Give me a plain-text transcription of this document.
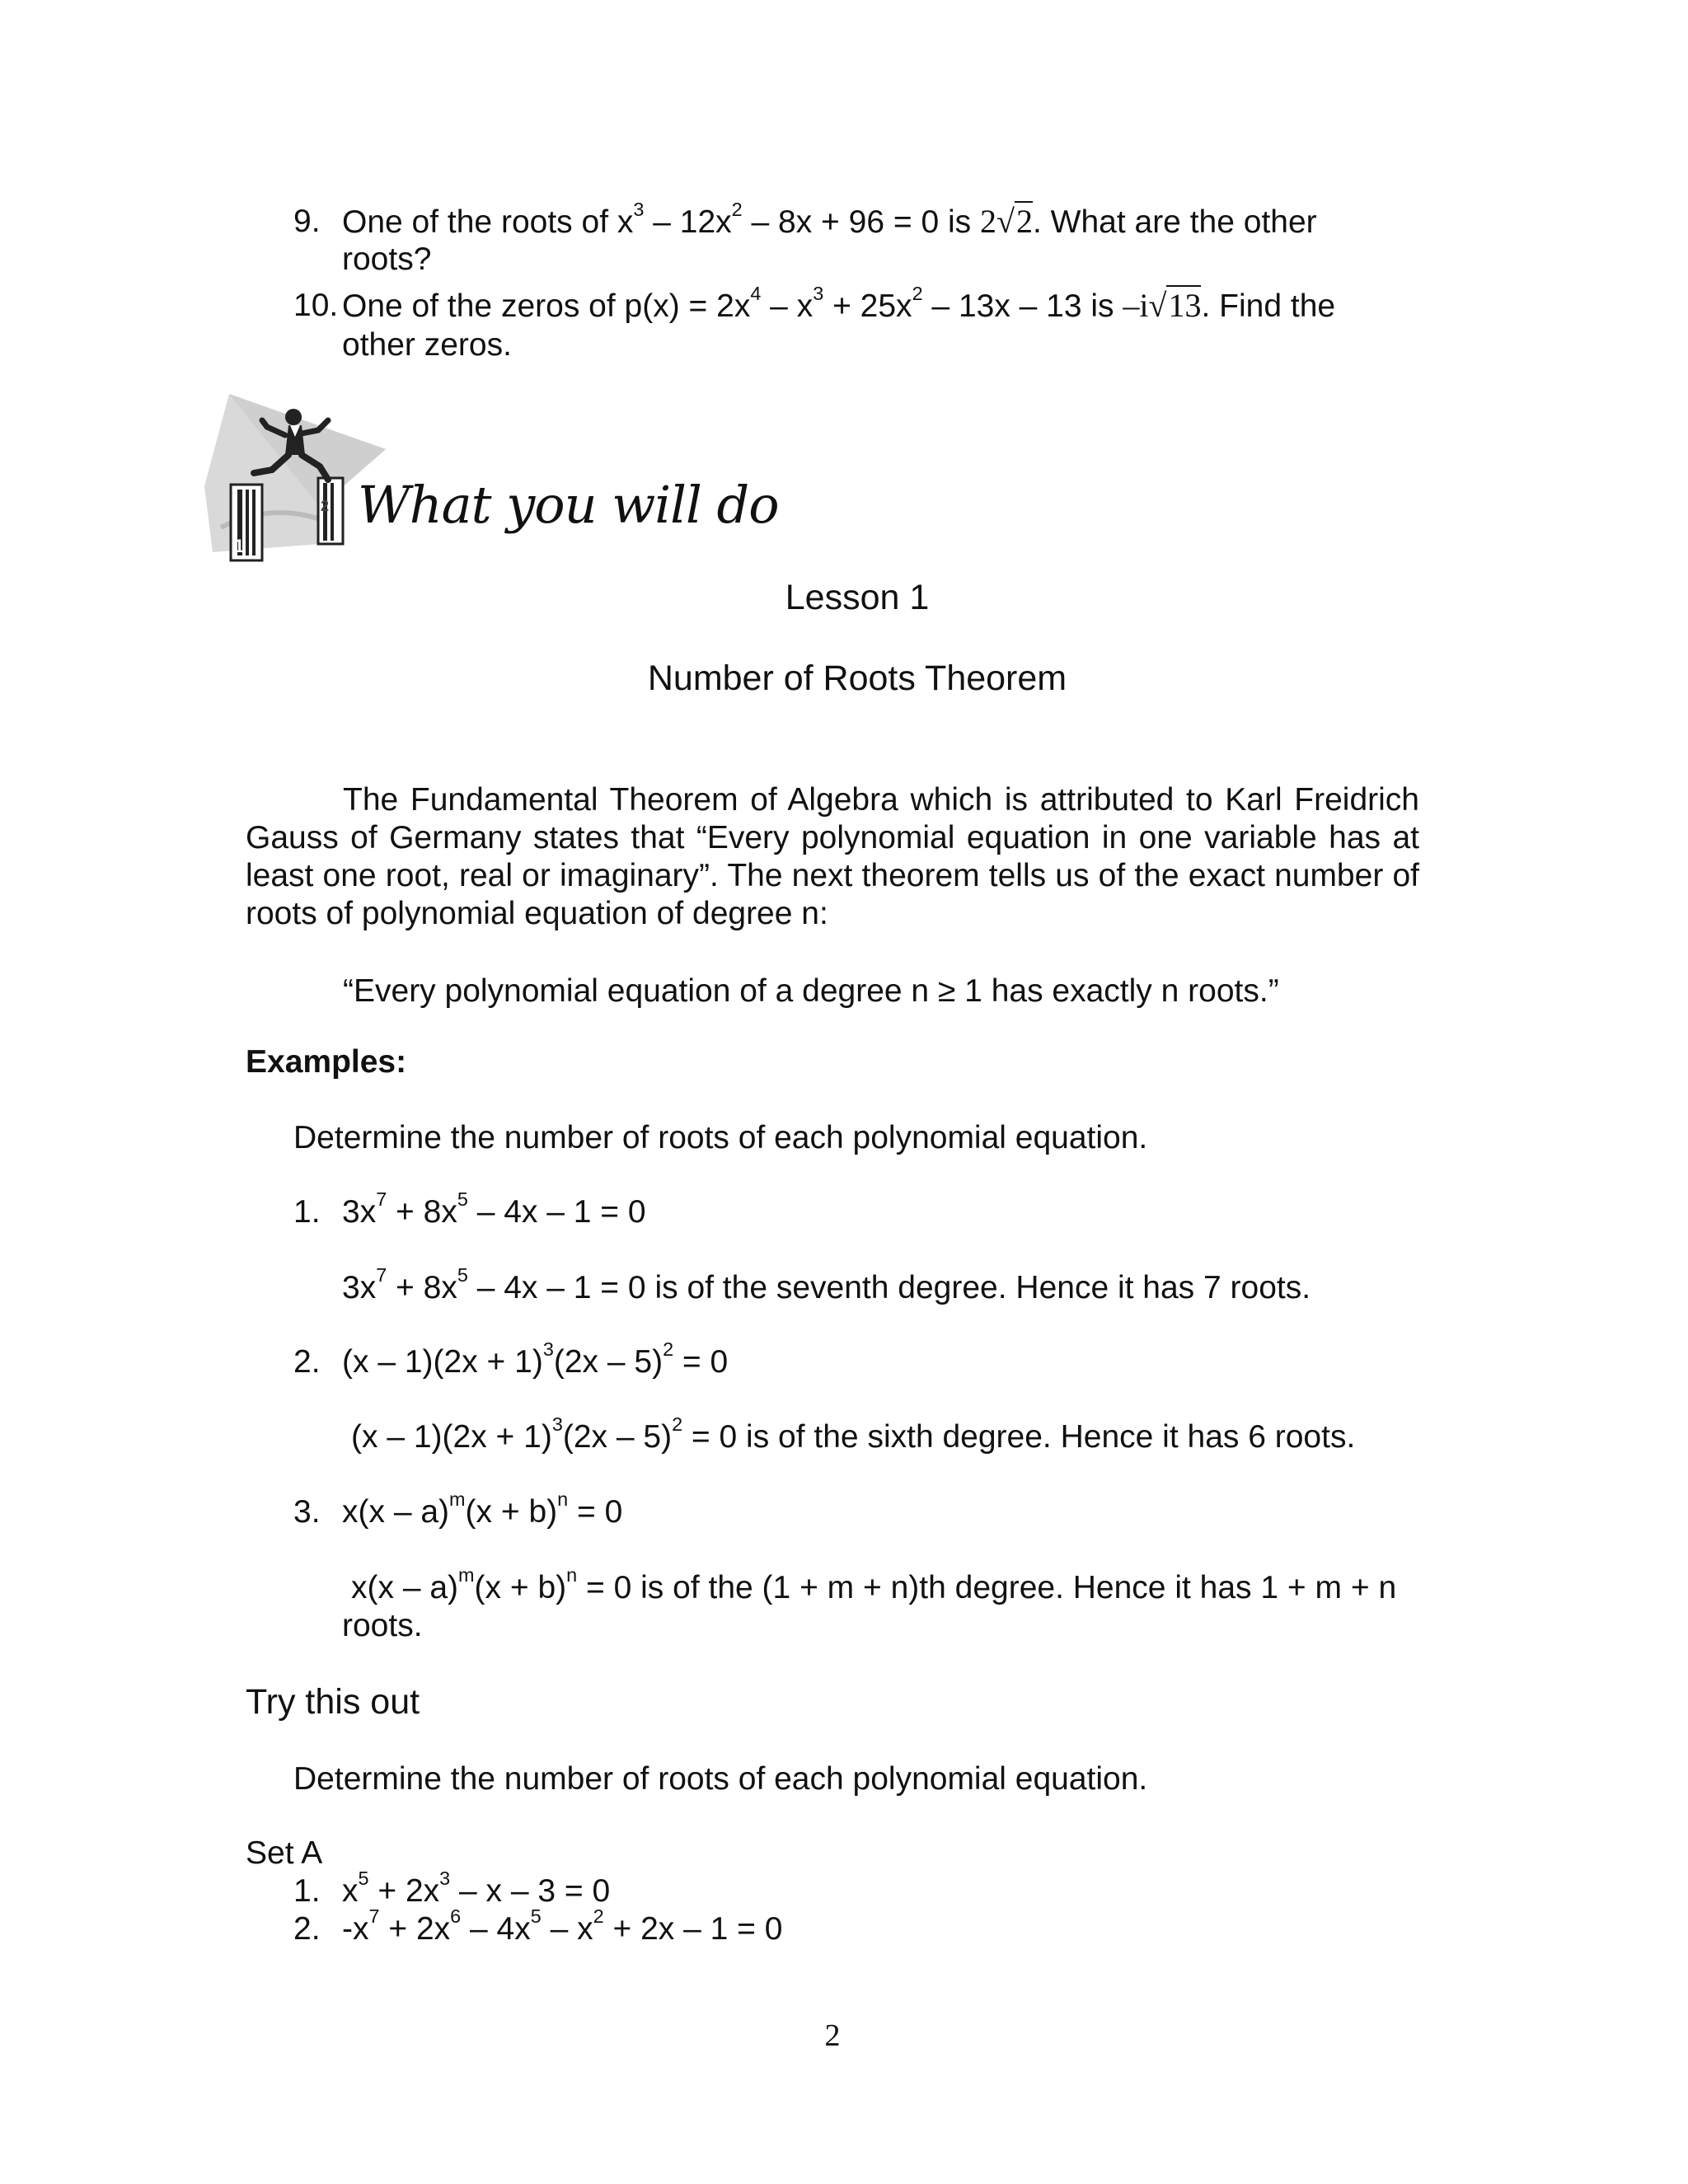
9. One of the roots of $x^3 - 12x^2 - 8x + 96 = 0$ is 2√2. What are the other
roots?
10. One of the zeros of $p(x) = 2x^4 - x^3 + 25x^2 - 13x - 13$ is –i√13. Find the
other zeros.
1
2 What you will do
Lesson 1
Number of Roots Theorem
The Fundamental Theorem of Algebra which is attributed to Karl Freidrich Gauss of Germany states that “Every polynomial equation in one variable has at least one root, real or imaginary”. The next theorem tells us of the exact number of roots of polynomial equation of degree n:
“Every polynomial equation of a degree n ≥ 1 has exactly n roots.”
Examples:
Determine the number of roots of each polynomial equation.
1. $3x^7 + 8x^5 - 4x - 1 = 0$
$3x^7 + 8x^5 - 4x - 1 = 0$ is of the seventh degree. Hence it has 7 roots.
2. $(x - 1)(2x + 1)^3(2x - 5)^2 = 0$
$(x - 1)(2x + 1)^3(2x - 5)^2 = 0$ is of the sixth degree. Hence it has 6 roots.
3. $x(x - a)^m(x + b)^n = 0$
$x(x - a)^m(x + b)^n = 0$ is of the (1 + m + n)th degree. Hence it has 1 + m + n
roots.
Try this out
Determine the number of roots of each polynomial equation.
Set A
1. $x^5 + 2x^3 - x - 3 = 0$
2. $-x^7 + 2x^6 - 4x^5 - x^2 + 2x - 1 = 0$
2
